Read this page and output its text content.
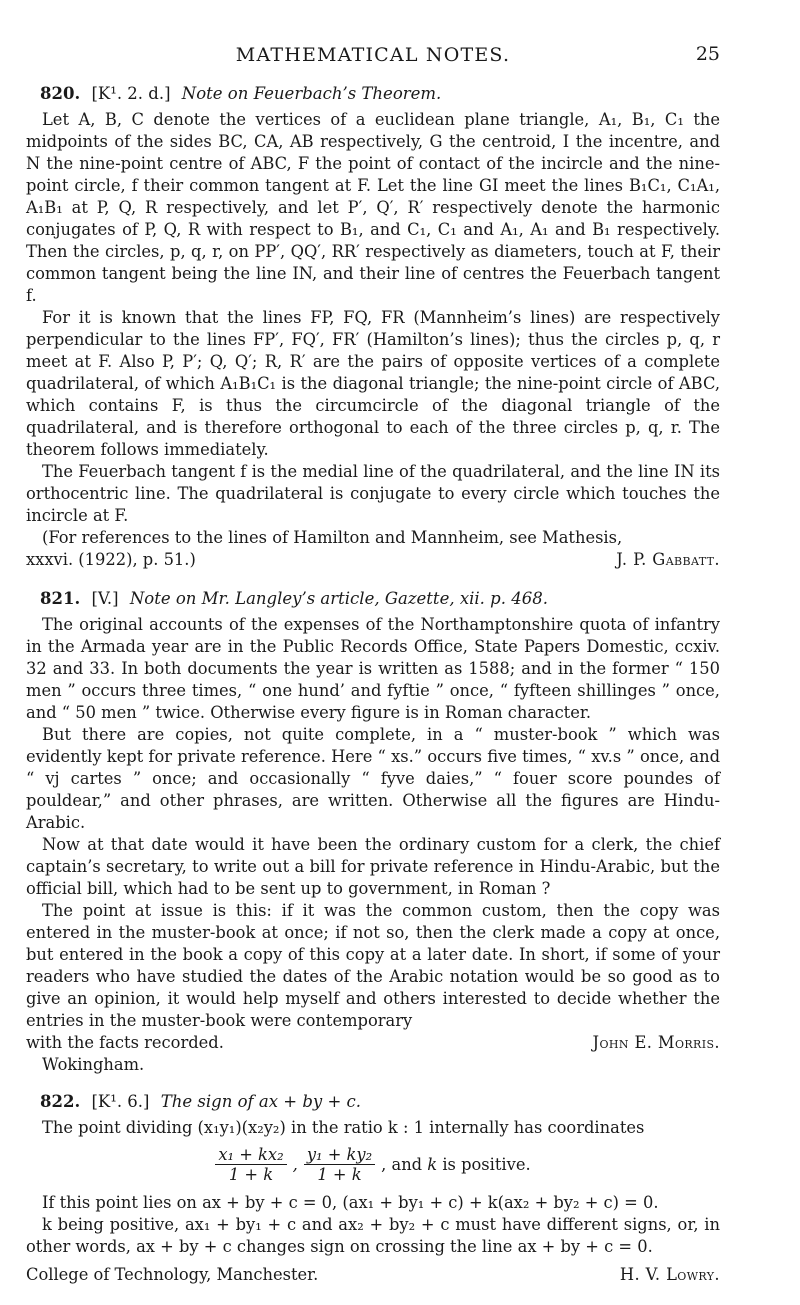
MATHEMATICAL NOTES.	25
820. [K¹. 2. d.] Note on Feuerbach’s Theorem.

Let A, B, C denote the vertices of a euclidean plane triangle, A₁, B₁, C₁ the midpoints of the sides BC, CA, AB respectively, G the centroid, I the incentre, and N the nine-point centre of ABC, F the point of contact of the incircle and the nine-point circle, f their common tangent at F. Let the line GI meet the lines B₁C₁, C₁A₁, A₁B₁ at P, Q, R respectively, and let P′, Q′, R′ respectively denote the harmonic conjugates of P, Q, R with respect to B₁, and C₁, C₁ and A₁, A₁ and B₁ respectively. Then the circles, p, q, r, on PP′, QQ′, RR′ respectively as diameters, touch at F, their common tangent being the line IN, and their line of centres the Feuerbach tangent f.

For it is known that the lines FP, FQ, FR (Mannheim’s lines) are respectively perpendicular to the lines FP′, FQ′, FR′ (Hamilton’s lines); thus the circles p, q, r meet at F. Also P, P′; Q, Q′; R, R′ are the pairs of opposite vertices of a complete quadrilateral, of which A₁B₁C₁ is the diagonal triangle; the nine-point circle of ABC, which contains F, is thus the circumcircle of the diagonal triangle of the quadrilateral, and is therefore orthogonal to each of the three circles p, q, r. The theorem follows immediately.

The Feuerbach tangent f is the medial line of the quadrilateral, and the line IN its orthocentric line. The quadrilateral is conjugate to every circle which touches the incircle at F.

(For references to the lines of Hamilton and Mannheim, see Mathesis,

xxxvi. (1922), p. 51.)	J. P. Gabbatt.
821. [V.] Note on Mr. Langley’s article, Gazette, xii. p. 468.

The original accounts of the expenses of the Northamptonshire quota of infantry in the Armada year are in the Public Records Office, State Papers Domestic, ccxiv. 32 and 33. In both documents the year is written as 1588; and in the former “ 150 men ” occurs three times, “ one hund’ and fyftie ” once, “ fyfteen shillinges ” once, and “ 50 men ” twice. Otherwise every figure is in Roman character.

But there are copies, not quite complete, in a “ muster-book ” which was evidently kept for private reference. Here “ xs.” occurs five times, “ xv.s ” once, and “ vj cartes ” once; and occasionally “ fyve daies,” “ fouer score poundes of pouldear,” and other phrases, are written. Otherwise all the figures are Hindu-Arabic.

Now at that date would it have been the ordinary custom for a clerk, the chief captain’s secretary, to write out a bill for private reference in Hindu-Arabic, but the official bill, which had to be sent up to government, in Roman ?

The point at issue is this: if it was the common custom, then the copy was entered in the muster-book at once; if not so, then the clerk made a copy at once, but entered in the book a copy of this copy at a later date. In short, if some of your readers who have studied the dates of the Arabic notation would be so good as to give an opinion, it would help myself and others interested to decide whether the entries in the muster-book were contemporary

with the facts recorded.	John E. Morris.
Wokingham.
822. [K¹. 6.] The sign of ax + by + c.

The point dividing (x₁y₁)(x₂y₂) in the ratio k : 1 internally has coordinates

$\frac{\text{x₁ + kx₂}}{1 + k}$ , $\frac{\text{y₁ + ky₂}}{1 + k}$ , and k is positive.

If this point lies on ax + by + c = 0, (ax₁ + by₁ + c) + k(ax₂ + by₂ + c) = 0.

k being positive, ax₁ + by₁ + c and ax₂ + by₂ + c must have different signs, or, in other words, ax + by + c changes sign on crossing the line ax + by + c = 0.

College of Technology, Manchester.	H. V. Lowry.
